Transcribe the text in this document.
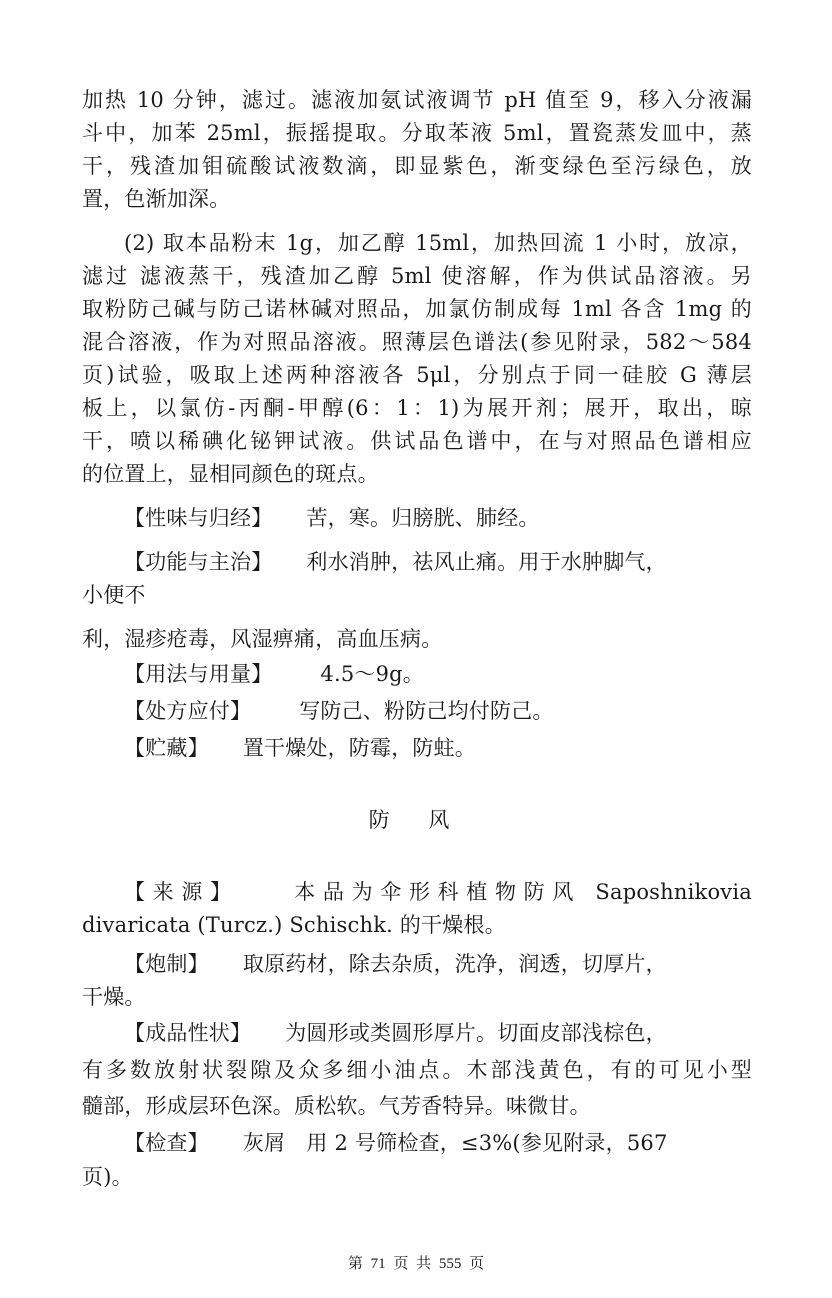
加热 10 分钟，滤过。滤液加氨试液调节 pH 值至 9，移入分液漏
斗中，加苯 25ml，振摇提取。分取苯液 5ml，置瓷蒸发皿中，蒸
干，残渣加钼硫酸试液数滴，即显紫色，渐变绿色至污绿色，放
置，色渐加深。
(2) 取本品粉末 1g，加乙醇 15ml，加热回流 1 小时，放凉，
滤过 滤液蒸干，残渣加乙醇 5ml 使溶解，作为供试品溶液。另
取粉防己碱与防己诺林碱对照品，加氯仿制成每 1ml 各含 1mg 的
混合溶液，作为对照品溶液。照薄层色谱法(参见附录，582～584
页)试验，吸取上述两种溶液各 5μl，分别点于同一硅胶 G 薄层
板上，以氯仿-丙酮-甲醇(6：1：1)为展开剂；展开，取出，晾
干，喷以稀碘化铋钾试液。供试品色谱中，在与对照品色谱相应
的位置上，显相同颜色的斑点。
【性味与归经】 苦，寒。归膀胱、肺经。
【功能与主治】 利水消肿，祛风止痛。用于水肿脚气，
小便不
利，湿疹疮毒，风湿痹痛，高血压病。
【用法与用量】 4.5～9g。
【处方应付】 写防己、粉防己均付防己。
【贮藏】 置干燥处，防霉，防蛀。
防 风
【来源】 本品为伞形科植物防风 Saposhnikovia
divaricata (Turcz.) Schischk. 的干燥根。
【炮制】 取原药材，除去杂质，洗净，润透，切厚片，
干燥。
【成品性状】 为圆形或类圆形厚片。切面皮部浅棕色，
有多数放射状裂隙及众多细小油点。木部浅黄色，有的可见小型
髓部，形成层环色深。质松软。气芳香特异。味微甘。
【检查】 灰屑　用 2 号筛检查，≤3%(参见附录，567
页)。
第 71 页 共 555 页
